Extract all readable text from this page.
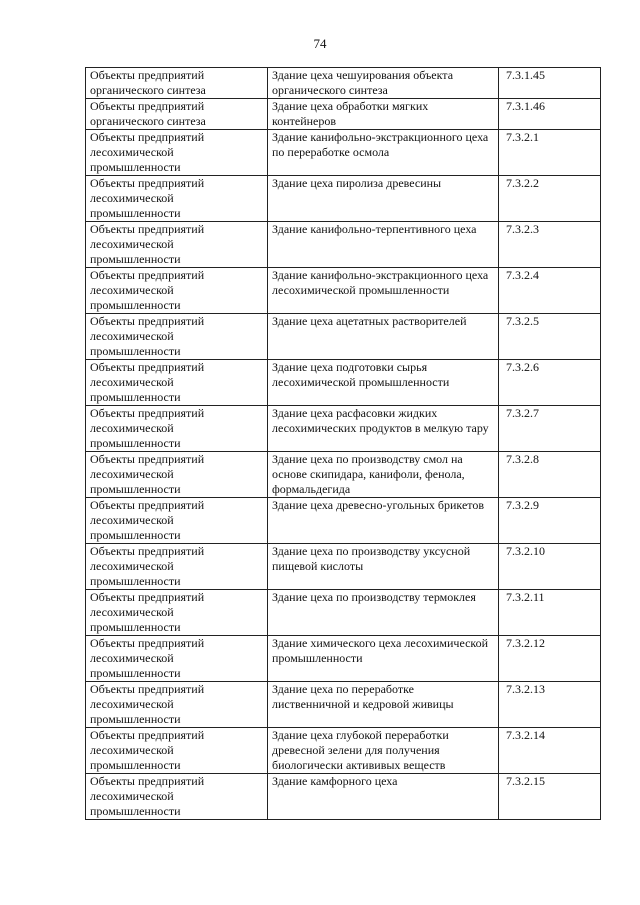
74
Объекты предприятий органического синтеза	Здание цеха чешуирования объекта органического синтеза	7.3.1.45
Объекты предприятий органического синтеза	Здание цеха обработки мягких контейнеров	7.3.1.46
Объекты предприятий лесохимической промышленности	Здание канифольно-экстракционного цеха по переработке осмола	7.3.2.1
Объекты предприятий лесохимической промышленности	Здание цеха пиролиза древесины	7.3.2.2
Объекты предприятий лесохимической промышленности	Здание канифольно-терпентивного цеха	7.3.2.3
Объекты предприятий лесохимической промышленности	Здание канифольно-экстракционного цеха лесохимической промышленности	7.3.2.4
Объекты предприятий лесохимической промышленности	Здание цеха ацетатных растворителей	7.3.2.5
Объекты предприятий лесохимической промышленности	Здание цеха подготовки сырья лесохимической промышленности	7.3.2.6
Объекты предприятий лесохимической промышленности	Здание цеха расфасовки жидких лесохимических продуктов в мелкую тару	7.3.2.7
Объекты предприятий лесохимической промышленности	Здание цеха по производству смол на основе скипидара, канифоли, фенола, формальдегида	7.3.2.8
Объекты предприятий лесохимической промышленности	Здание цеха древесно-угольных брикетов	7.3.2.9
Объекты предприятий лесохимической промышленности	Здание цеха по производству уксусной пищевой кислоты	7.3.2.10
Объекты предприятий лесохимической промышленности	Здание цеха по производству термоклея	7.3.2.11
Объекты предприятий лесохимической промышленности	Здание химического цеха лесохимической промышленности	7.3.2.12
Объекты предприятий лесохимической промышленности	Здание цеха по переработке лиственничной и кедровой живицы	7.3.2.13
Объекты предприятий лесохимической промышленности	Здание цеха глубокой переработки древесной зелени для получения биологически актививых веществ	7.3.2.14
Объекты предприятий лесохимической промышленности	Здание камфорного цеха	7.3.2.15
